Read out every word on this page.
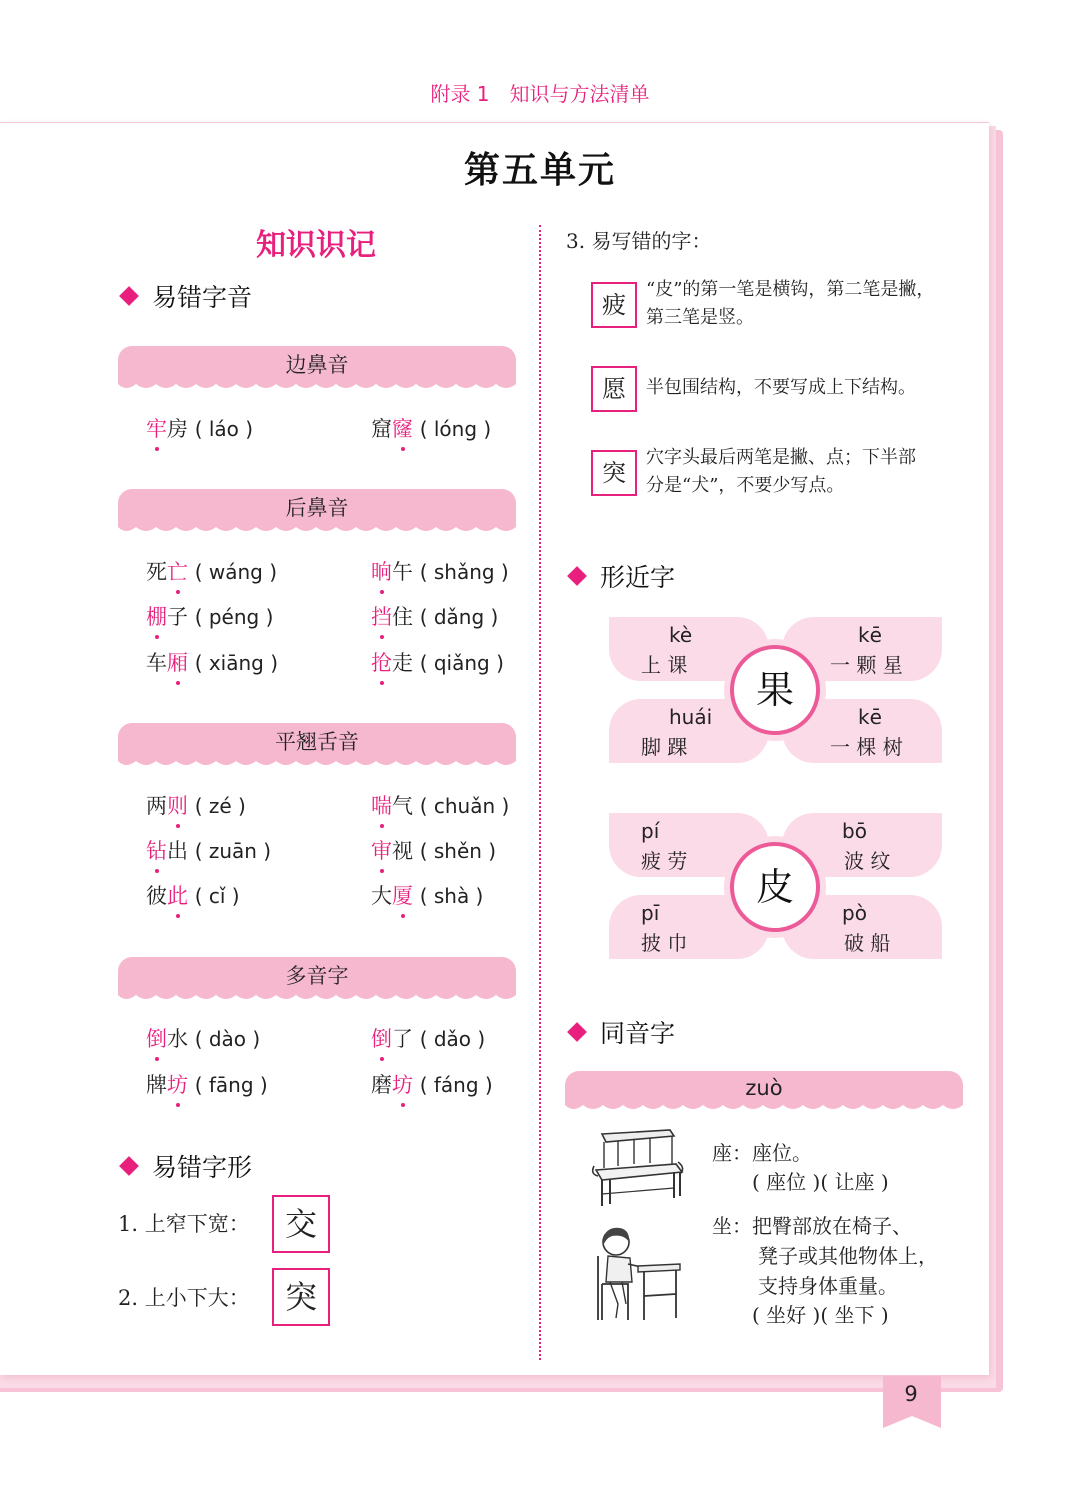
附录 1　知识与方法清单
第五单元
知识识记
易错字音
边鼻音
后鼻音
平翘舌音
多音字
牢房 ( láo )	窟窿 ( lóng )
死亡 ( wáng )	晌午 ( shǎng )
棚子 ( péng )	挡住 ( dǎng )
车厢 ( xiāng )	抢走 ( qiǎng )
两则 ( zé )	喘气 ( chuǎn )
钻出 ( zuān )	审视 ( shěn )
彼此 ( cǐ )	大厦 ( shà )
倒水 ( dào )	倒了 ( dǎo )
牌坊 ( fāng )	磨坊 ( fáng )
易错字形
1. 上窄下宽：	交
2. 上小下大：	突
3. 易写错的字：
疲
“皮”的第一笔是横钩，第二笔是撇，
第三笔是竖。
愿	半包围结构，不要写成上下结构。
突
穴字头最后两笔是撇、点；下半部
分是“犬”，不要少写点。
形近字
kè
上 课
kē
一 颗 星
huái
脚 踝
kē
一 棵 树
果
pí
疲 劳
bō
波 纹
pī
披 巾
pò
破 船
皮
同音字
zuò
座：座位。
( 座位 )( 让座 )
坐：把臀部放在椅子、
凳子或其他物体上，
支持身体重量。
( 坐好 )( 坐下 )
9
